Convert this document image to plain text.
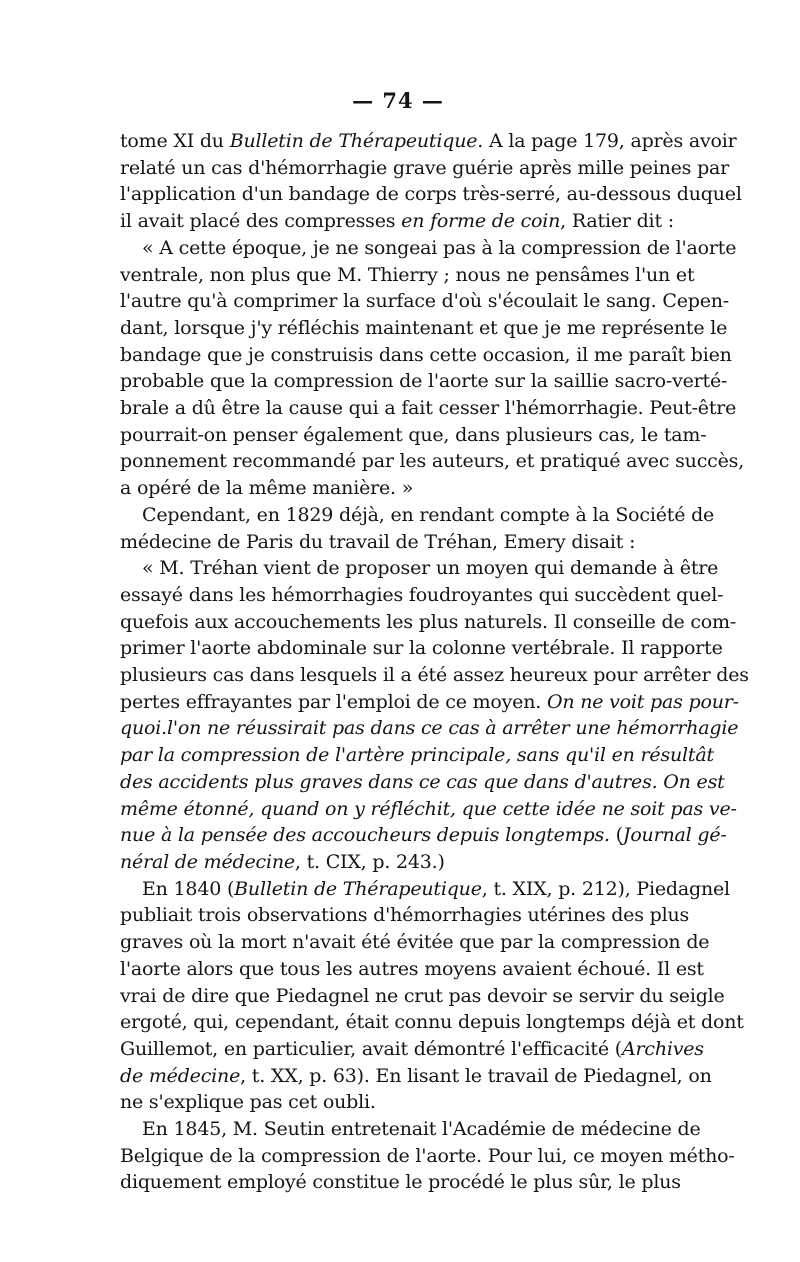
— 74 —
tome XI du Bulletin de Thérapeutique. A la page 179, après avoir
relaté un cas d'hémorrhagie grave guérie après mille peines par
l'application d'un bandage de corps très-serré, au-dessous duquel
il avait placé des compresses en forme de coin, Ratier dit :
« A cette époque, je ne songeai pas à la compression de l'aorte
ventrale, non plus que M. Thierry ; nous ne pensâmes l'un et
l'autre qu'à comprimer la surface d'où s'écoulait le sang. Cepen-
dant, lorsque j'y réfléchis maintenant et que je me représente le
bandage que je construisis dans cette occasion, il me paraît bien
probable que la compression de l'aorte sur la saillie sacro-verté-
brale a dû être la cause qui a fait cesser l'hémorrhagie. Peut-être
pourrait-on penser également que, dans plusieurs cas, le tam-
ponnement recommandé par les auteurs, et pratiqué avec succès,
a opéré de la même manière. »
Cependant, en 1829 déjà, en rendant compte à la Société de
médecine de Paris du travail de Tréhan, Emery disait :
« M. Tréhan vient de proposer un moyen qui demande à être
essayé dans les hémorrhagies foudroyantes qui succèdent quel-
quefois aux accouchements les plus naturels. Il conseille de com-
primer l'aorte abdominale sur la colonne vertébrale. Il rapporte
plusieurs cas dans lesquels il a été assez heureux pour arrêter des
pertes effrayantes par l'emploi de ce moyen. On ne voit pas pour-
quoi.l'on ne réussirait pas dans ce cas à arrêter une hémorrhagie
par la compression de l'artère principale, sans qu'il en résultât
des accidents plus graves dans ce cas que dans d'autres. On est
même étonné, quand on y réfléchit, que cette idée ne soit pas ve-
nue à la pensée des accoucheurs depuis longtemps. (Journal gé-
néral de médecine, t. CIX, p. 243.)
En 1840 (Bulletin de Thérapeutique, t. XIX, p. 212), Piedagnel
publiait trois observations d'hémorrhagies utérines des plus
graves où la mort n'avait été évitée que par la compression de
l'aorte alors que tous les autres moyens avaient échoué. Il est
vrai de dire que Piedagnel ne crut pas devoir se servir du seigle
ergoté, qui, cependant, était connu depuis longtemps déjà et dont
Guillemot, en particulier, avait démontré l'efficacité (Archives
de médecine, t. XX, p. 63). En lisant le travail de Piedagnel, on
ne s'explique pas cet oubli.
En 1845, M. Seutin entretenait l'Académie de médecine de
Belgique de la compression de l'aorte. Pour lui, ce moyen métho-
diquement employé constitue le procédé le plus sûr, le plus
